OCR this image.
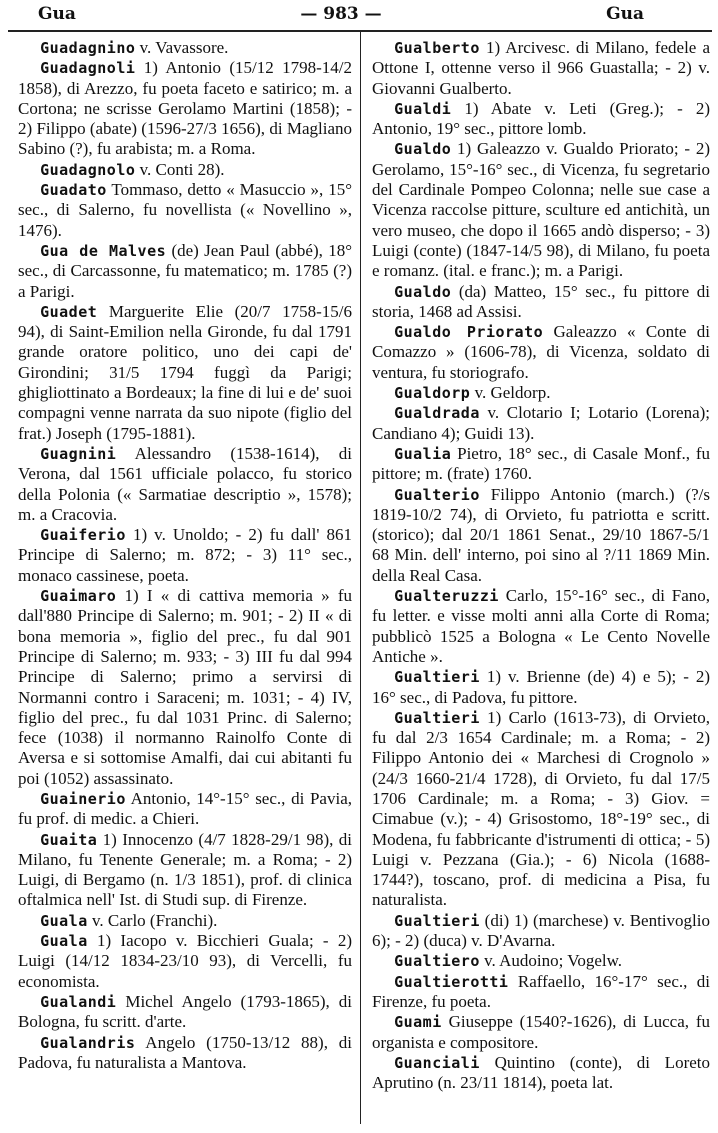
Gua	— 983 —	Gua

Guadagnino v. Vavassore.

Guadagnoli 1) Antonio (15/12 1798-14/2 1858), di Arezzo, fu poeta faceto e satirico; m. a Cortona; ne scrisse Gerolamo Martini (1858); - 2) Filippo (abate) (1596-27/3 1656), di Magliano Sabino (?), fu arabista; m. a Roma.

Guadagnolo v. Conti 28).

Guadato Tommaso, detto « Masuccio », 15° sec., di Salerno, fu novellista (« Novellino », 1476).

Gua de Malves (de) Jean Paul (abbé), 18° sec., di Carcassonne, fu matematico; m. 1785 (?) a Parigi.

Guadet Marguerite Elie (20/7 1758-15/6 94), di Saint-Emilion nella Gironde, fu dal 1791 grande oratore politico, uno dei capi de' Girondini; 31/5 1794 fuggì da Parigi; ghigliottinato a Bordeaux; la fine di lui e de' suoi compagni venne narrata da suo nipote (figlio del frat.) Joseph (1795-1881).

Guagnini Alessandro (1538-1614), di Verona, dal 1561 ufficiale polacco, fu storico della Polonia (« Sarmatiae descriptio », 1578); m. a Cracovia.

Guaiferio 1) v. Unoldo; - 2) fu dall' 861 Principe di Salerno; m. 872; - 3) 11° sec., monaco cassinese, poeta.

Guaimaro 1) I « di cattiva memoria » fu dall'880 Principe di Salerno; m. 901; - 2) II « di bona memoria », figlio del prec., fu dal 901 Principe di Salerno; m. 933; - 3) III fu dal 994 Principe di Salerno; primo a servirsi di Normanni contro i Saraceni; m. 1031; - 4) IV, figlio del prec., fu dal 1031 Princ. di Salerno; fece (1038) il normanno Rainolfo Conte di Aversa e si sottomise Amalfi, dai cui abitanti fu poi (1052) assassinato.

Guainerio Antonio, 14°-15° sec., di Pavia, fu prof. di medic. a Chieri.

Guaita 1) Innocenzo (4/7 1828-29/1 98), di Milano, fu Tenente Generale; m. a Roma; - 2) Luigi, di Bergamo (n. 1/3 1851), prof. di clinica oftalmica nell' Ist. di Studi sup. di Firenze.

Guala v. Carlo (Franchi).

Guala 1) Iacopo v. Bicchieri Guala; - 2) Luigi (14/12 1834-23/10 93), di Vercelli, fu economista.

Gualandi Michel Angelo (1793-1865), di Bologna, fu scritt. d'arte.

Gualandris Angelo (1750-13/12 88), di Padova, fu naturalista a Mantova.

Gualberto 1) Arcivesc. di Milano, fedele a Ottone I, ottenne verso il 966 Guastalla; - 2) v. Giovanni Gualberto.

Gualdi 1) Abate v. Leti (Greg.); - 2) Antonio, 19° sec., pittore lomb.

Gualdo 1) Galeazzo v. Gualdo Priorato; - 2) Gerolamo, 15°-16° sec., di Vicenza, fu segretario del Cardinale Pompeo Colonna; nelle sue case a Vicenza raccolse pitture, sculture ed antichità, un vero museo, che dopo il 1665 andò disperso; - 3) Luigi (conte) (1847-14/5 98), di Milano, fu poeta e romanz. (ital. e franc.); m. a Parigi.

Gualdo (da) Matteo, 15° sec., fu pittore di storia, 1468 ad Assisi.

Gualdo Priorato Galeazzo « Conte di Comazzo » (1606-78), di Vicenza, soldato di ventura, fu storiografo.

Gualdorp v. Geldorp.

Gualdrada v. Clotario I; Lotario (Lorena); Candiano 4); Guidi 13).

Gualia Pietro, 18° sec., di Casale Monf., fu pittore; m. (frate) 1760.

Gualterio Filippo Antonio (march.) (?/s 1819-10/2 74), di Orvieto, fu patriotta e scritt. (storico); dal 20/1 1861 Senat., 29/10 1867-5/1 68 Min. dell' interno, poi sino al ?/11 1869 Min. della Real Casa.

Gualteruzzi Carlo, 15°-16° sec., di Fano, fu letter. e visse molti anni alla Corte di Roma; pubblicò 1525 a Bologna « Le Cento Novelle Antiche ».

Gualtieri 1) v. Brienne (de) 4) e 5); - 2) 16° sec., di Padova, fu pittore.

Gualtieri 1) Carlo (1613-73), di Orvieto, fu dal 2/3 1654 Cardinale; m. a Roma; - 2) Filippo Antonio dei « Marchesi di Crognolo » (24/3 1660-21/4 1728), di Orvieto, fu dal 17/5 1706 Cardinale; m. a Roma; - 3) Giov. = Cimabue (v.); - 4) Grisostomo, 18°-19° sec., di Modena, fu fabbricante d'istrumenti di ottica; - 5) Luigi v. Pezzana (Gia.); - 6) Nicola (1688-1744?), toscano, prof. di medicina a Pisa, fu naturalista.

Gualtieri (di) 1) (marchese) v. Bentivoglio 6); - 2) (duca) v. D'Avarna.

Gualtiero v. Audoino; Vogelw.

Gualtierotti Raffaello, 16°-17° sec., di Firenze, fu poeta.

Guami Giuseppe (1540?-1626), di Lucca, fu organista e compositore.

Guanciali Quintino (conte), di Loreto Aprutino (n. 23/11 1814), poeta lat.
